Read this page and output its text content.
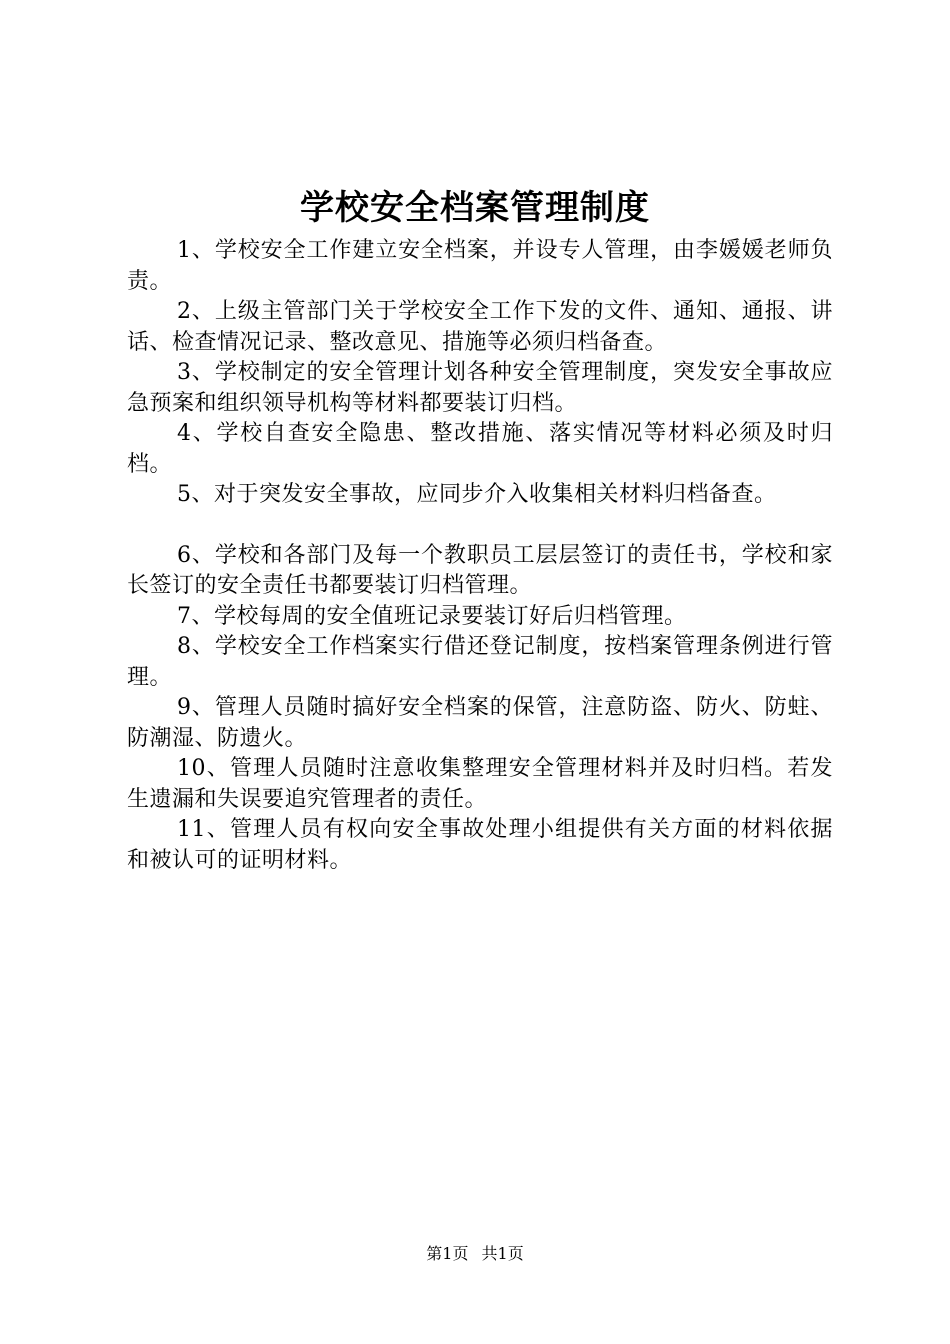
学校安全档案管理制度

1、学校安全工作建立安全档案，并设专人管理，由李媛媛老师负责。

2、上级主管部门关于学校安全工作下发的文件、通知、通报、讲话、检查情况记录、整改意见、措施等必须归档备查。

3、学校制定的安全管理计划各种安全管理制度，突发安全事故应急预案和组织领导机构等材料都要装订归档。

4、学校自查安全隐患、整改措施、落实情况等材料必须及时归档。

5、对于突发安全事故，应同步介入收集相关材料归档备查。

6、学校和各部门及每一个教职员工层层签订的责任书，学校和家长签订的安全责任书都要装订归档管理。

7、学校每周的安全值班记录要装订好后归档管理。

8、学校安全工作档案实行借还登记制度，按档案管理条例进行管理。

9、管理人员随时搞好安全档案的保管，注意防盗、防火、防蛀、防潮湿、防遗火。

10、管理人员随时注意收集整理安全管理材料并及时归档。若发生遗漏和失误要追究管理者的责任。

11、管理人员有权向安全事故处理小组提供有关方面的材料依据和被认可的证明材料。

第1页 共1页
